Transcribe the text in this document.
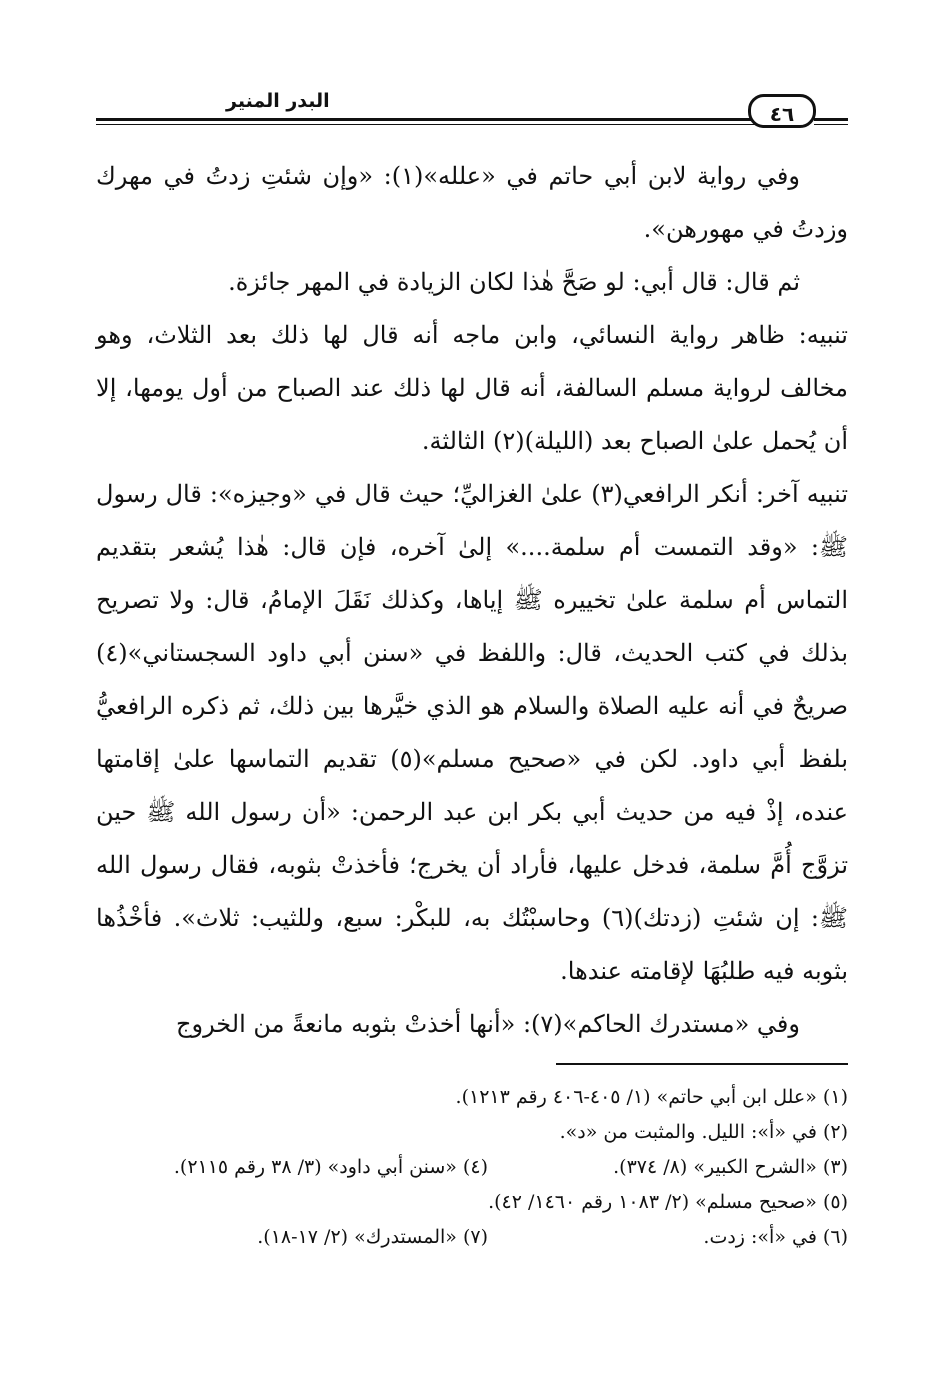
البدر المنير
٤٦

وفي رواية لابن أبي حاتم في «علله»(١): «وإن شئتِ زدتُ في مهرك وزدتُ في مهورهن».

ثم قال: قال أبي: لو صَحَّ هٰذا لكان الزيادة في المهر جائزة.

تنبيه: ظاهر رواية النسائي، وابن ماجه أنه قال لها ذلك بعد الثلاث، وهو مخالف لرواية مسلم السالفة، أنه قال لها ذلك عند الصباح من أول يومها، إلا أن يُحمل علىٰ الصباح بعد (الليلة)(٢) الثالثة.

تنبيه آخر: أنكر الرافعي(٣) علىٰ الغزاليِّ؛ حيث قال في «وجيزه»: قال رسول ﷺ: «وقد التمست أم سلمة....» إلىٰ آخره، فإن قال: هٰذا يُشعر بتقديم التماس أم سلمة علىٰ تخييره ﷺ إياها، وكذلك نَقَلَ الإمامُ، قال: ولا تصريح بذلك في كتب الحديث، قال: واللفظ في «سنن أبي داود السجستاني»(٤) صريحٌ في أنه عليه الصلاة والسلام هو الذي خيَّرها بين ذلك، ثم ذكره الرافعيُّ بلفظ أبي داود. لكن في «صحيح مسلم»(٥) تقديم التماسها علىٰ إقامتها عنده، إذْ فيه من حديث أبي بكر ابن عبد الرحمن: «أن رسول الله ﷺ حين تزوَّج أُمَّ سلمة، فدخل عليها، فأراد أن يخرج؛ فأخذتْ بثوبه، فقال رسول الله ﷺ: إن شئتِ (زدتك)(٦) وحاسبْتُك به، للبكْر: سبع، وللثيب: ثلاث». فأخْذُها بثوبه فيه طلبُهَا لإقامته عندها.

وفي «مستدرك الحاكم»(٧): «أنها أخذتْ بثوبه مانعةً من الخروج

(١) «علل ابن أبي حاتم» (١/ ٤٠٥-٤٠٦ رقم ١٢١٣).
(٢) في «أ»: الليل. والمثبت من «د».
(٣) «الشرح الكبير» (٨/ ٣٧٤).
(٤) «سنن أبي داود» (٣/ ٣٨ رقم ٢١١٥).
(٥) «صحيح مسلم» (٢/ ١٠٨٣ رقم ١٤٦٠/ ٤٢).
(٦) في «أ»: زدت.
(٧) «المستدرك» (٢/ ١٧-١٨).
